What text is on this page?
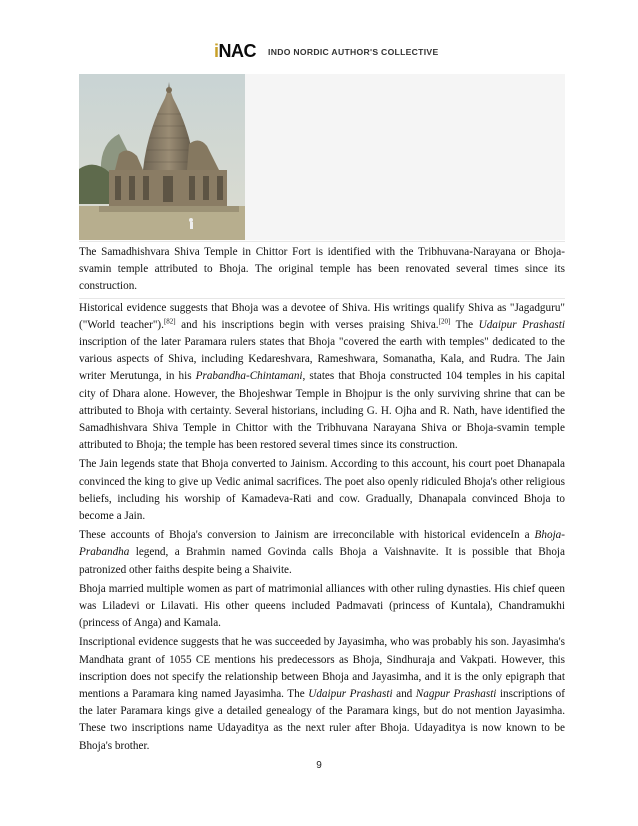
iNAC INDO NORDIC AUTHOR'S COLLECTIVE

The Samadhishvara Shiva Temple in Chittor Fort is identified with the Tribhuvana-Narayana or Bhoja-svamin temple attributed to Bhoja. The original temple has been renovated several times since its construction.

Historical evidence suggests that Bhoja was a devotee of Shiva. His writings qualify Shiva as "Jagadguru" ("World teacher").[82] and his inscriptions begin with verses praising Shiva.[20] The Udaipur Prashasti inscription of the later Paramara rulers states that Bhoja "covered the earth with temples" dedicated to the various aspects of Shiva, including Kedareshvara, Rameshwara, Somanatha, Kala, and Rudra. The Jain writer Merutunga, in his Prabandha-Chintamani, states that Bhoja constructed 104 temples in his capital city of Dhara alone. However, the Bhojeshwar Temple in Bhojpur is the only surviving shrine that can be attributed to Bhoja with certainty. Several historians, including G. H. Ojha and R. Nath, have identified the Samadhishvara Shiva Temple in Chittor with the Tribhuvana Narayana Shiva or Bhoja-svamin temple attributed to Bhoja; the temple has been restored several times since its construction.

The Jain legends state that Bhoja converted to Jainism. According to this account, his court poet Dhanapala convinced the king to give up Vedic animal sacrifices. The poet also openly ridiculed Bhoja's other religious beliefs, including his worship of Kamadeva-Rati and cow. Gradually, Dhanapala convinced Bhoja to become a Jain.

These accounts of Bhoja's conversion to Jainism are irreconcilable with historical evidenceIn a Bhoja-Prabandha legend, a Brahmin named Govinda calls Bhoja a Vaishnavite. It is possible that Bhoja patronized other faiths despite being a Shaivite.

Bhoja married multiple women as part of matrimonial alliances with other ruling dynasties. His chief queen was Liladevi or Lilavati. His other queens included Padmavati (princess of Kuntala), Chandramukhi (princess of Anga) and Kamala.

Inscriptional evidence suggests that he was succeeded by Jayasimha, who was probably his son. Jayasimha's Mandhata grant of 1055 CE mentions his predecessors as Bhoja, Sindhuraja and Vakpati. However, this inscription does not specify the relationship between Bhoja and Jayasimha, and it is the only epigraph that mentions a Paramara king named Jayasimha. The Udaipur Prashasti and Nagpur Prashasti inscriptions of the later Paramara kings give a detailed genealogy of the Paramara kings, but do not mention Jayasimha. These two inscriptions name Udayaditya as the next ruler after Bhoja. Udayaditya is now known to be Bhoja's brother.

9
